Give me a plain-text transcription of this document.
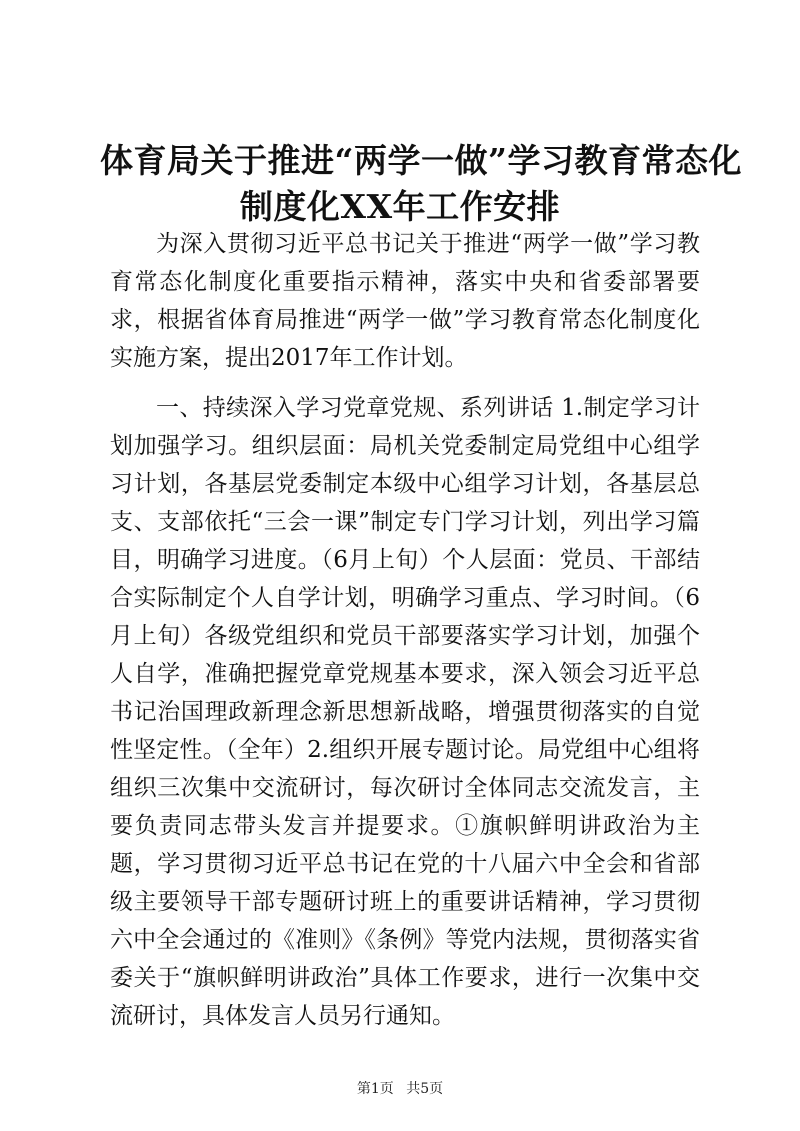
体育局关于推进“两学一做”学习教育常态化
制度化XX年工作安排

为深入贯彻习近平总书记关于推进“两学一做”学习教育常态化制度化重要指示精神，落实中央和省委部署要求，根据省体育局推进“两学一做”学习教育常态化制度化实施方案，提出2017年工作计划。

一、持续深入学习党章党规、系列讲话 1.制定学习计划加强学习。组织层面：局机关党委制定局党组中心组学习计划，各基层党委制定本级中心组学习计划，各基层总支、支部依托“三会一课”制定专门学习计划，列出学习篇目，明确学习进度。（6月上旬）个人层面：党员、干部结合实际制定个人自学计划，明确学习重点、学习时间。（6月上旬）各级党组织和党员干部要落实学习计划，加强个人自学，准确把握党章党规基本要求，深入领会习近平总书记治国理政新理念新思想新战略，增强贯彻落实的自觉性坚定性。（全年）2.组织开展专题讨论。局党组中心组将组织三次集中交流研讨，每次研讨全体同志交流发言，主要负责同志带头发言并提要求。①旗帜鲜明讲政治为主题，学习贯彻习近平总书记在党的十八届六中全会和省部级主要领导干部专题研讨班上的重要讲话精神，学习贯彻六中全会通过的《准则》《条例》等党内法规，贯彻落实省委关于“旗帜鲜明讲政治”具体工作要求，进行一次集中交流研讨，具体发言人员另行通知。

第1页 共5页
